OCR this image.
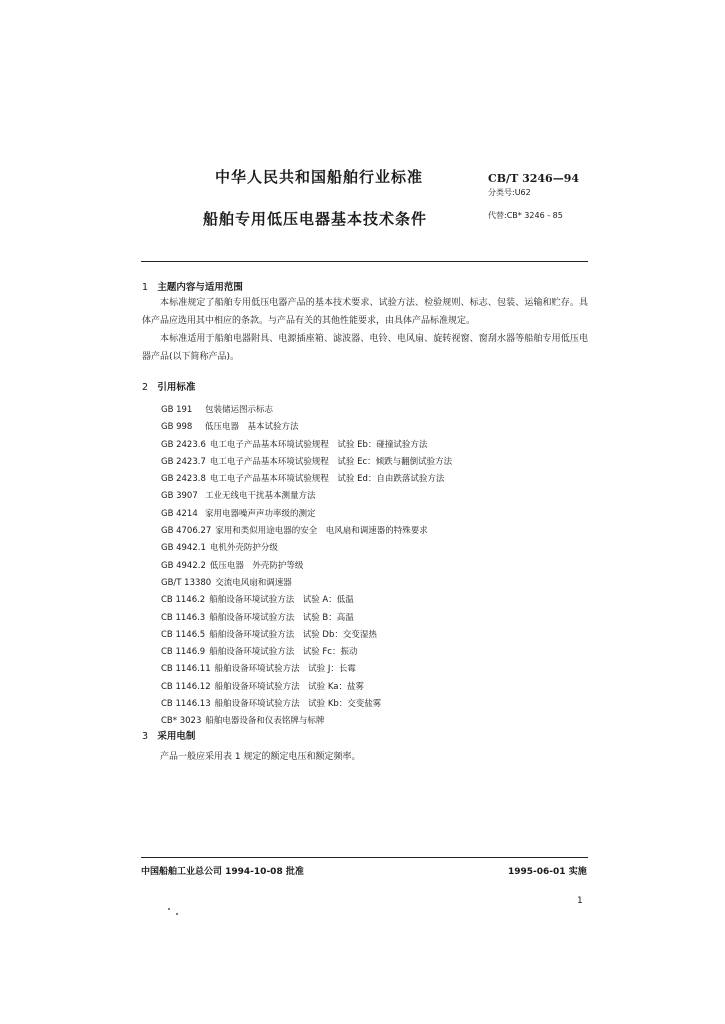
中华人民共和国船舶行业标准
船舶专用低压电器基本技术条件
CB/T 3246—94
分类号:U62
代替:CB* 3246 - 85
1 主题内容与适用范围
本标准规定了船舶专用低压电器产品的基本技术要求、试验方法、检验规则、标志、包装、运输和贮存。具体产品应选用其中相应的条款。与产品有关的其他性能要求，由具体产品标准规定。
本标准适用于船舶电器附具、电源插座箱、滤波器、电铃、电风扇、旋转视窗、窗刮水器等船舶专用低压电器产品(以下简称产品)。
2 引用标准
GB 191 包装储运图示标志
GB 998 低压电器　基本试验方法
GB 2423.6 电工电子产品基本环境试验规程　试验 Eb：碰撞试验方法
GB 2423.7 电工电子产品基本环境试验规程　试验 Ec：倾跌与翻倒试验方法
GB 2423.8 电工电子产品基本环境试验规程　试验 Ed：自由跌落试验方法
GB 3907 工业无线电干扰基本测量方法
GB 4214 家用电器噪声声功率级的测定
GB 4706.27 家用和类似用途电器的安全　电风扇和调速器的特殊要求
GB 4942.1 电机外壳防护分级
GB 4942.2 低压电器　外壳防护等级
GB/T 13380 交流电风扇和调速器
CB 1146.2 船舶设备环境试验方法　试验 A：低温
CB 1146.3 船舶设备环境试验方法　试验 B：高温
CB 1146.5 船舶设备环境试验方法　试验 Db：交变湿热
CB 1146.9 船舶设备环境试验方法　试验 Fc：振动
CB 1146.11 船舶设备环境试验方法　试验 J：长霉
CB 1146.12 船舶设备环境试验方法　试验 Ka：盐雾
CB 1146.13 船舶设备环境试验方法　试验 Kb：交变盐雾
CB* 3023 船舶电器设备和仪表铭牌与标牌
3 采用电制
产品一般应采用表 1 规定的额定电压和额定频率。
中国船舶工业总公司 1994-10-08 批准	1995-06-01 实施
1
